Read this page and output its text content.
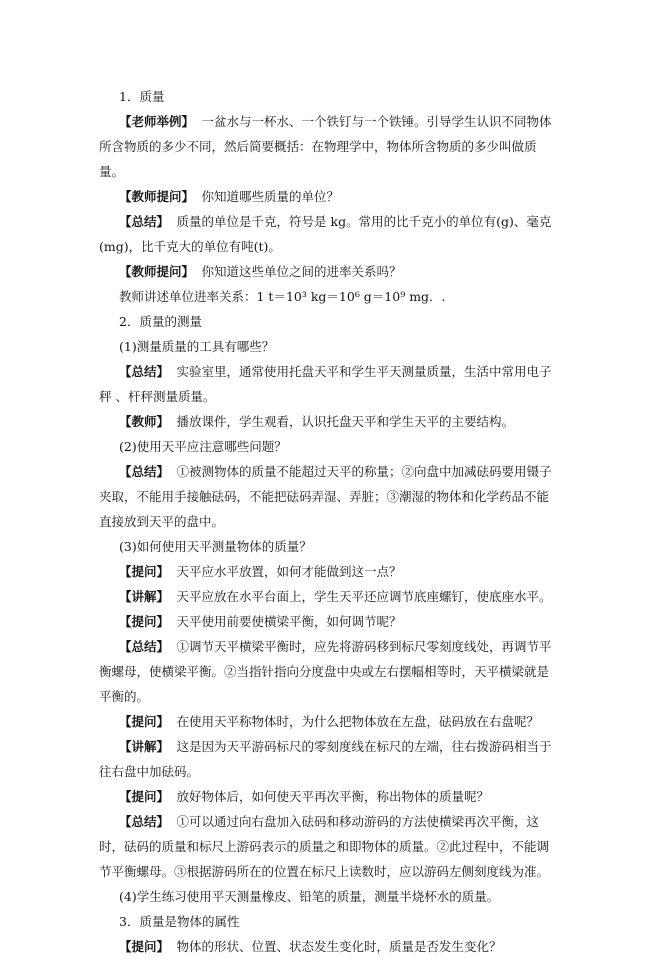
1．质量

【老师举例】 一盆水与一杯水、一个铁钉与一个铁锤。引导学生认识不同物体所含物质的多少不同，然后简要概括：在物理学中，物体所含物质的多少叫做质量。

【教师提问】 你知道哪些质量的单位？

【总结】 质量的单位是千克，符号是 kg。常用的比千克小的单位有(g)、毫克(mg)，比千克大的单位有吨(t)。

【教师提问】 你知道这些单位之间的进率关系吗？

教师讲述单位进率关系：1 t＝10³ kg＝10⁶ g＝10⁹ mg．.

2．质量的测量

(1)测量质量的工具有哪些？

【总结】 实验室里，通常使用托盘天平和学生平天测量质量，生活中常用电子秤 、杆秤测量质量。

【教师】 播放课件，学生观看，认识托盘天平和学生天平的主要结构。

(2)使用天平应注意哪些问题？

【总结】 ①被测物体的质量不能超过天平的称量；②向盘中加减砝码要用镊子夹取，不能用手接触砝码，不能把砝码弄湿、弄脏；③潮湿的物体和化学药品不能直接放到天平的盘中。

(3)如何使用天平测量物体的质量？

【提问】 天平应水平放置，如何才能做到这一点？

【讲解】 天平应放在水平台面上，学生天平还应调节底座螺钉，使底座水平。

【提问】 天平使用前要使横梁平衡，如何调节呢？

【总结】 ①调节天平横梁平衡时，应先将游码移到标尺零刻度线处，再调节平衡螺母，使横梁平衡。②当指针指向分度盘中央或左右摆幅相等时，天平横梁就是平衡的。

【提问】 在使用天平称物体时，为什么把物体放在左盘，砝码放在右盘呢？

【讲解】 这是因为天平游码标尺的零刻度线在标尺的左端，往右拨游码相当于往右盘中加砝码。

【提问】 放好物体后，如何使天平再次平衡，称出物体的质量呢？

【总结】 ①可以通过向右盘加入砝码和移动游码的方法使横梁再次平衡，这时，砝码的质量和标尺上游码表示的质量之和即物体的质量。②此过程中，不能调节平衡螺母。③根据游码所在的位置在标尺上读数时，应以游码左侧刻度线为准。

(4)学生练习使用平天测量橡皮、铅笔的质量，测量半烧杯水的质量。

3．质量是物体的属性

【提问】 物体的形状、位置、状态发生变化时，质量是否发生变化？
